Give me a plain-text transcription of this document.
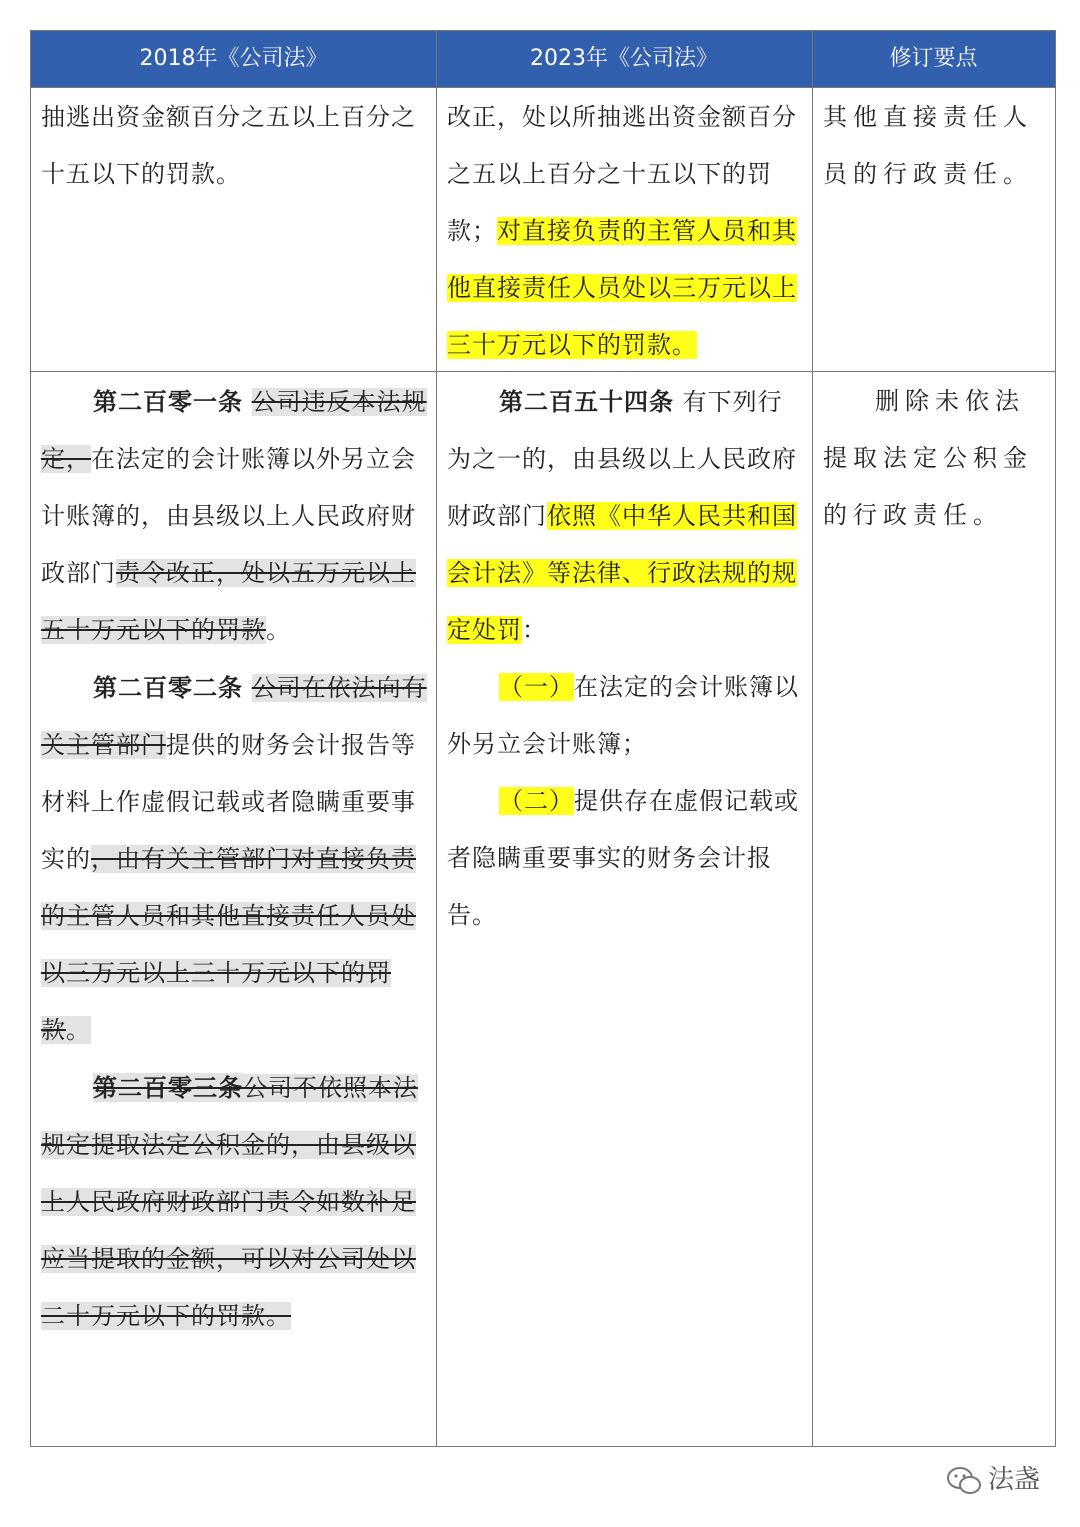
2018年《公司法》	2023年《公司法》	修订要点

抽逃出资金额百分之五以上百分之十五以下的罚款。

改正，处以所抽逃出资金额百分之五以上百分之十五以下的罚款；对直接负责的主管人员和其他直接责任人员处以三万元以上三十万元以下的罚款。

其他直接责任人员的行政责任。

第二百零一条 公司违反本法规定，在法定的会计账簿以外另立会计账簿的，由县级以上人民政府财政部门责令改正，处以五万元以上五十万元以下的罚款。

第二百零二条 公司在依法向有关主管部门提供的财务会计报告等材料上作虚假记载或者隐瞒重要事实的，由有关主管部门对直接负责的主管人员和其他直接责任人员处以三万元以上三十万元以下的罚款。

第二百零三条公司不依照本法规定提取法定公积金的，由县级以上人民政府财政部门责令如数补足应当提取的金额，可以对公司处以二十万元以下的罚款。

第二百五十四条 有下列行为之一的，由县级以上人民政府财政部门依照《中华人民共和国会计法》等法律、行政法规的规定处罚：

（一）在法定的会计账簿以外另立会计账簿；

（二）提供存在虚假记载或者隐瞒重要事实的财务会计报告。

删除未依法提取法定公积金的行政责任。

法盏
